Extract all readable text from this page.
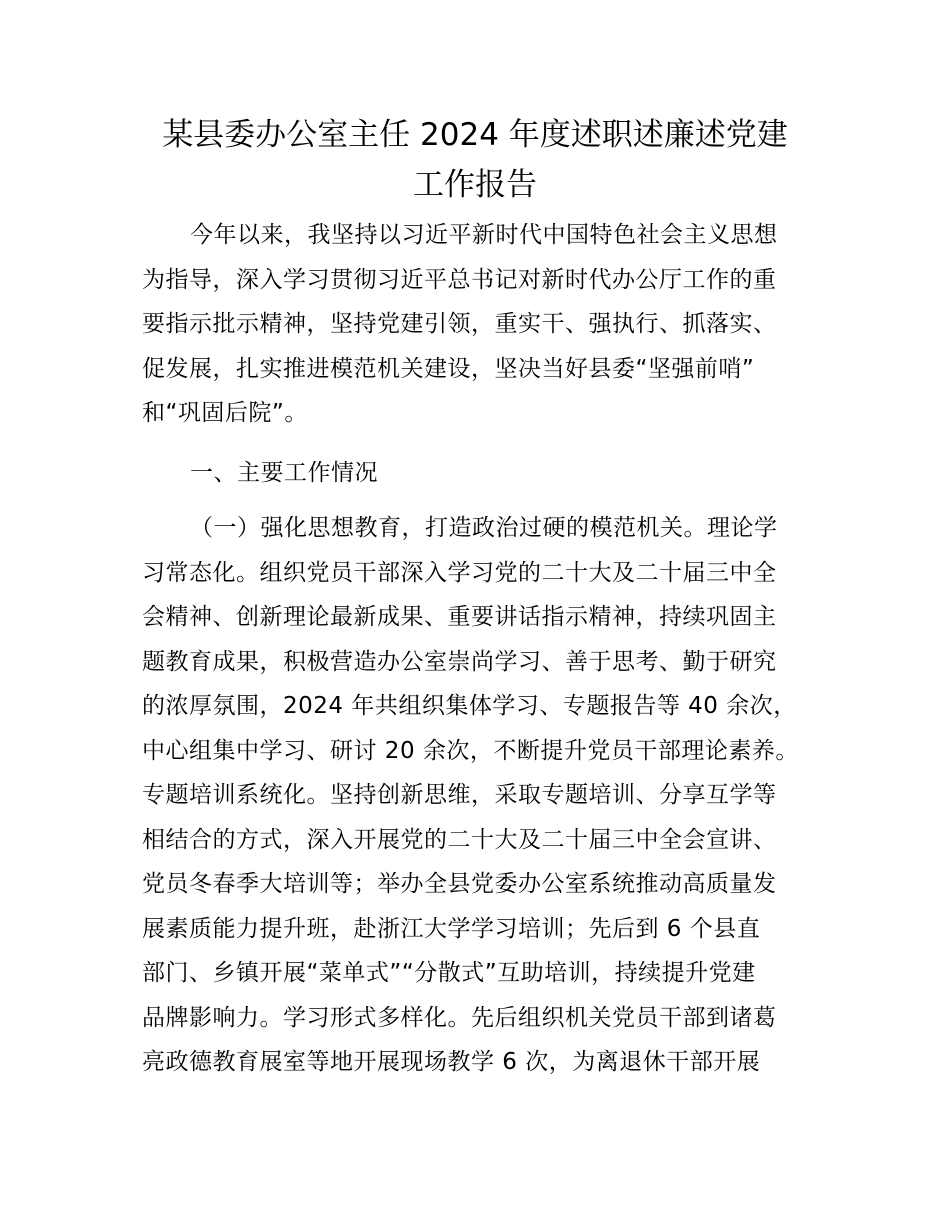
某县委办公室主任 2024 年度述职述廉述党建
工作报告
今年以来，我坚持以习近平新时代中国特色社会主义思想
为指导，深入学习贯彻习近平总书记对新时代办公厅工作的重
要指示批示精神，坚持党建引领，重实干、强执行、抓落实、
促发展，扎实推进模范机关建设，坚决当好县委“坚强前哨”
和“巩固后院”。
一、主要工作情况
（一）强化思想教育，打造政治过硬的模范机关。理论学
习常态化。组织党员干部深入学习党的二十大及二十届三中全
会精神、创新理论最新成果、重要讲话指示精神，持续巩固主
题教育成果，积极营造办公室崇尚学习、善于思考、勤于研究
的浓厚氛围，2024 年共组织集体学习、专题报告等 40 余次，
中心组集中学习、研讨 20 余次，不断提升党员干部理论素养。
专题培训系统化。坚持创新思维，采取专题培训、分享互学等
相结合的方式，深入开展党的二十大及二十届三中全会宣讲、
党员冬春季大培训等；举办全县党委办公室系统推动高质量发
展素质能力提升班，赴浙江大学学习培训；先后到 6 个县直
部门、乡镇开展“菜单式”“分散式”互助培训，持续提升党建
品牌影响力。学习形式多样化。先后组织机关党员干部到诸葛
亮政德教育展室等地开展现场教学 6 次，为离退休干部开展
